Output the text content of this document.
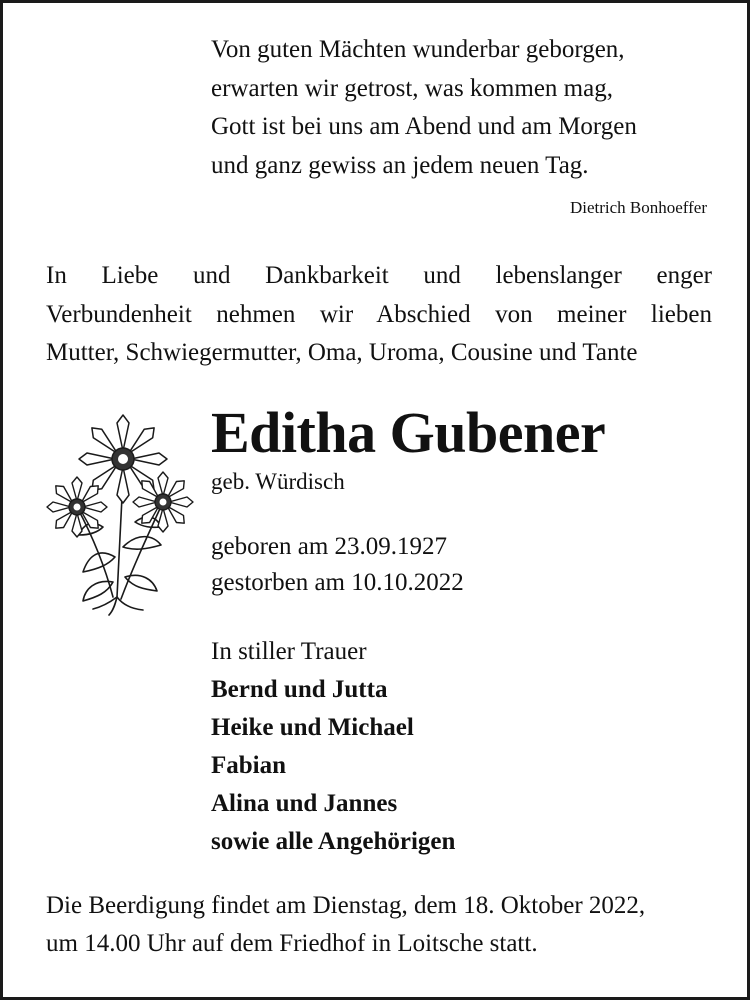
Von guten Mächten wunderbar geborgen,
erwarten wir getrost, was kommen mag,
Gott ist bei uns am Abend und am Morgen
und ganz gewiss an jedem neuen Tag.
Dietrich Bonhoeffer
In Liebe und Dankbarkeit und lebenslanger enger
Verbundenheit nehmen wir Abschied von meiner lieben
Mutter, Schwiegermutter, Oma, Uroma, Cousine und Tante
Editha Gubener
geb. Würdisch
geboren am 23.09.1927
gestorben am 10.10.2022
In stiller Trauer
Bernd und Jutta
Heike und Michael
Fabian
Alina und Jannes
sowie alle Angehörigen
Die Beerdigung findet am Dienstag, dem 18. Oktober 2022,
um 14.00 Uhr auf dem Friedhof in Loitsche statt.
